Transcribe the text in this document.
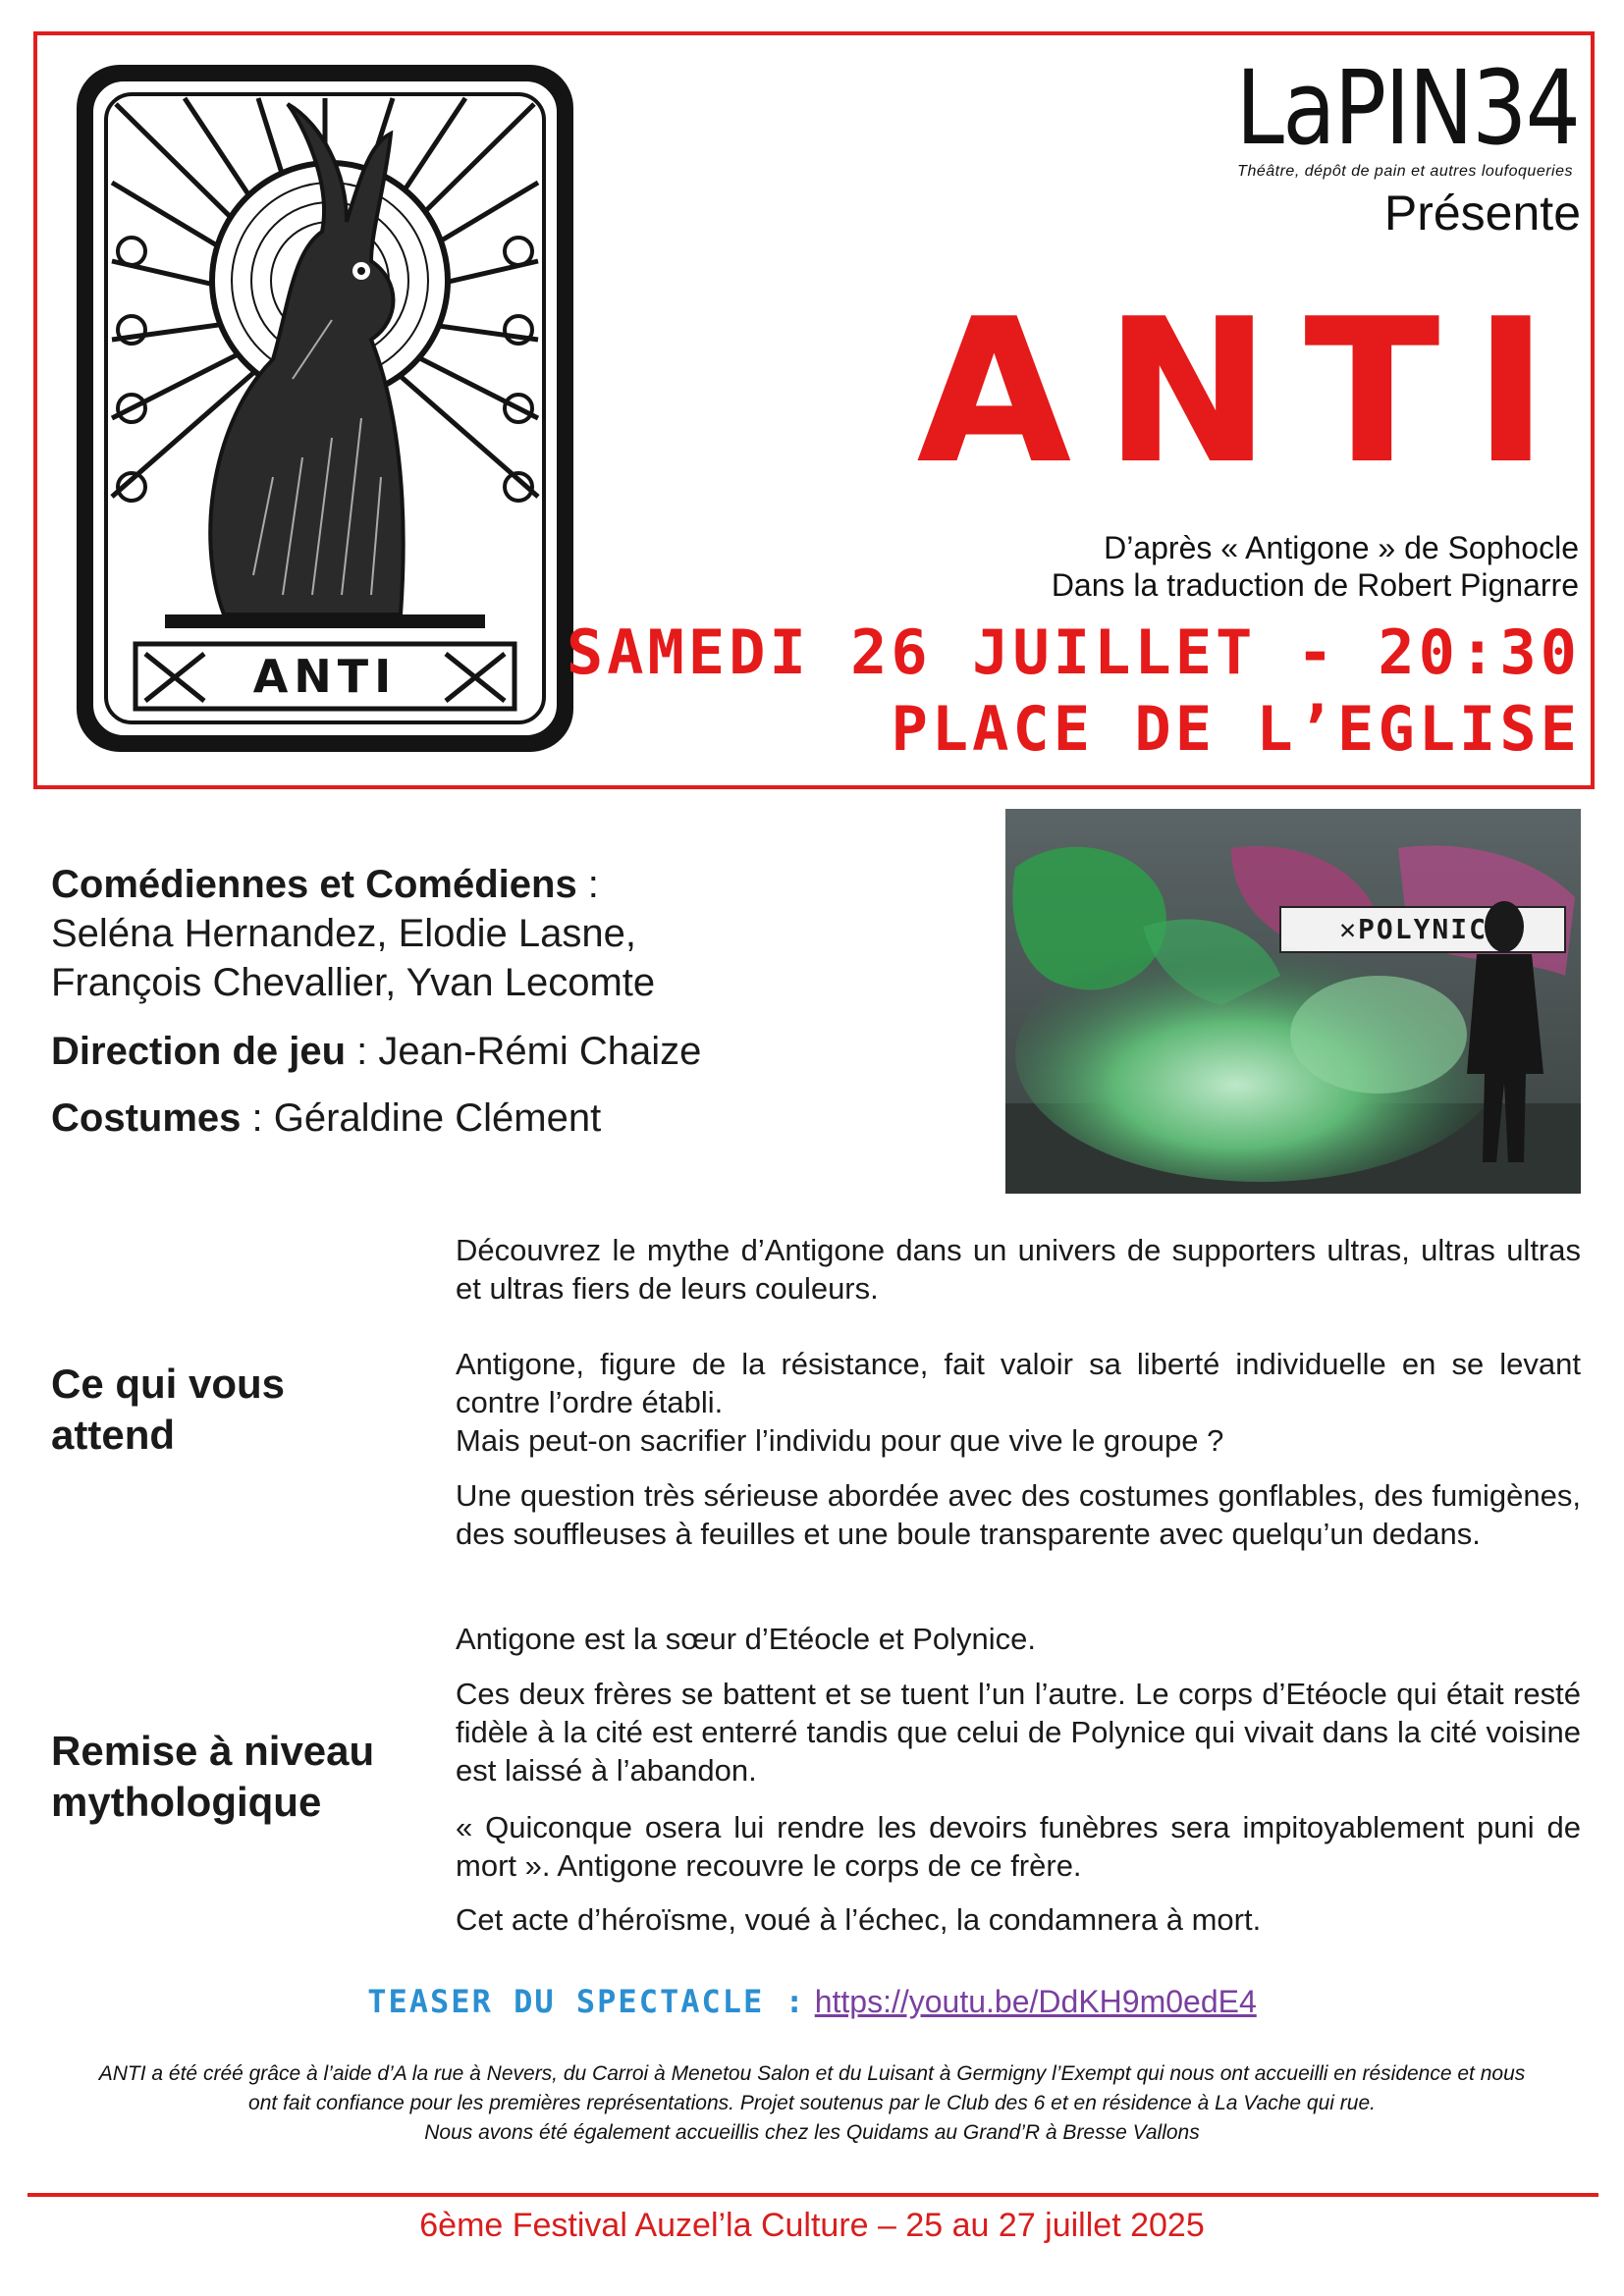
ANTI
LaPIN34
Théâtre, dépôt de pain et autres loufoqueries
Présente
ANTI
D’après « Antigone » de Sophocle
Dans la traduction de Robert Pignarre
SAMEDI 26 JUILLET - 20:30
PLACE DE L’EGLISE
✕POLYNICE
Comédiennes et Comédiens :
Seléna Hernandez, Elodie Lasne,
François Chevallier, Yvan Lecomte
Direction de jeu : Jean-Rémi Chaize
Costumes : Géraldine Clément
Ce qui vous
attend
Découvrez le mythe d’Antigone dans un univers de supporters ultras, ultras ultras et ultras fiers de leurs couleurs.
Antigone, figure de la résistance, fait valoir sa liberté individuelle en se levant contre l’ordre établi.
Mais peut-on sacrifier l’individu pour que vive le groupe ?
Une question très sérieuse abordée avec des costumes gonflables, des fumigènes, des souffleuses à feuilles et une boule transparente avec quelqu’un dedans.
Remise à niveau
mythologique
Antigone est la sœur d’Etéocle et Polynice.
Ces deux frères se battent et se tuent l’un l’autre. Le corps d’Etéocle qui était resté fidèle à la cité est enterré tandis que celui de Polynice qui vivait dans la cité voisine est laissé à l’abandon.
« Quiconque osera lui rendre les devoirs funèbres sera impitoyablement puni de mort ». Antigone recouvre le corps de ce frère.
Cet acte d’héroïsme, voué à l’échec, la condamnera à mort.
TEASER DU SPECTACLE : https://youtu.be/DdKH9m0edE4
ANTI a été créé grâce à l’aide d’A la rue à Nevers, du Carroi à Menetou Salon et du Luisant à Germigny l’Exempt qui nous ont accueilli en résidence et nous
ont fait confiance pour les premières représentations. Projet soutenus par le Club des 6 et en résidence à La Vache qui rue.
Nous avons été également accueillis chez les Quidams au Grand’R à Bresse Vallons
6ème Festival Auzel’la Culture – 25 au 27 juillet 2025
